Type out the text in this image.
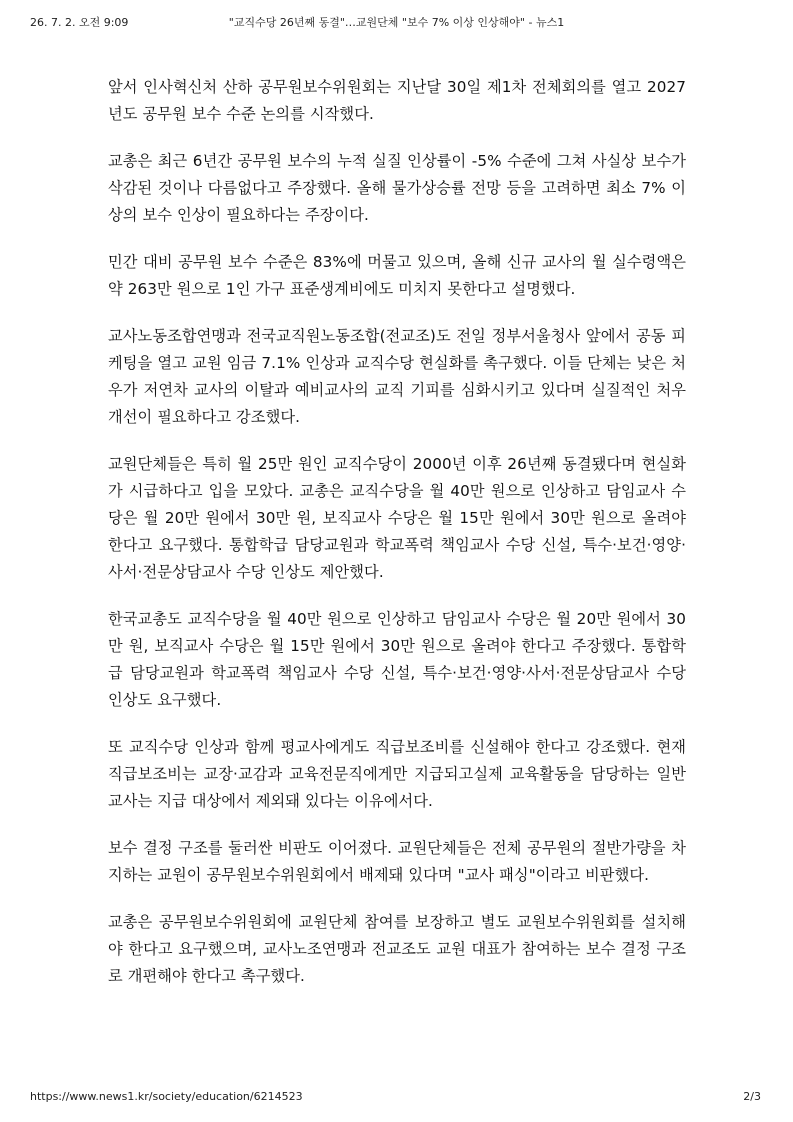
26. 7. 2. 오전 9:09	"교직수당 26년째 동결"…교원단체 "보수 7% 이상 인상해야" - 뉴스1

앞서 인사혁신처 산하 공무원보수위원회는 지난달 30일 제1차 전체회의를 열고 2027년도 공무원 보수 수준 논의를 시작했다.

교총은 최근 6년간 공무원 보수의 누적 실질 인상률이 -5% 수준에 그쳐 사실상 보수가 삭감된 것이나 다름없다고 주장했다. 올해 물가상승률 전망 등을 고려하면 최소 7% 이상의 보수 인상이 필요하다는 주장이다.

민간 대비 공무원 보수 수준은 83%에 머물고 있으며, 올해 신규 교사의 월 실수령액은 약 263만 원으로 1인 가구 표준생계비에도 미치지 못한다고 설명했다.

교사노동조합연맹과 전국교직원노동조합(전교조)도 전일 정부서울청사 앞에서 공동 피케팅을 열고 교원 임금 7.1% 인상과 교직수당 현실화를 촉구했다. 이들 단체는 낮은 처우가 저연차 교사의 이탈과 예비교사의 교직 기피를 심화시키고 있다며 실질적인 처우 개선이 필요하다고 강조했다.

교원단체들은 특히 월 25만 원인 교직수당이 2000년 이후 26년째 동결됐다며 현실화가 시급하다고 입을 모았다. 교총은 교직수당을 월 40만 원으로 인상하고 담임교사 수당은 월 20만 원에서 30만 원, 보직교사 수당은 월 15만 원에서 30만 원으로 올려야 한다고 요구했다. 통합학급 담당교원과 학교폭력 책임교사 수당 신설, 특수·보건·영양·사서·전문상담교사 수당 인상도 제안했다.

한국교총도 교직수당을 월 40만 원으로 인상하고 담임교사 수당은 월 20만 원에서 30만 원, 보직교사 수당은 월 15만 원에서 30만 원으로 올려야 한다고 주장했다. 통합학급 담당교원과 학교폭력 책임교사 수당 신설, 특수·보건·영양·사서·전문상담교사 수당 인상도 요구했다.

또 교직수당 인상과 함께 평교사에게도 직급보조비를 신설해야 한다고 강조했다. 현재 직급보조비는 교장·교감과 교육전문직에게만 지급되고실제 교육활동을 담당하는 일반교사는 지급 대상에서 제외돼 있다는 이유에서다.

보수 결정 구조를 둘러싼 비판도 이어졌다. 교원단체들은 전체 공무원의 절반가량을 차지하는 교원이 공무원보수위원회에서 배제돼 있다며 "교사 패싱"이라고 비판했다.

교총은 공무원보수위원회에 교원단체 참여를 보장하고 별도 교원보수위원회를 설치해야 한다고 요구했으며, 교사노조연맹과 전교조도 교원 대표가 참여하는 보수 결정 구조로 개편해야 한다고 촉구했다.

https://www.news1.kr/society/education/6214523	2/3
